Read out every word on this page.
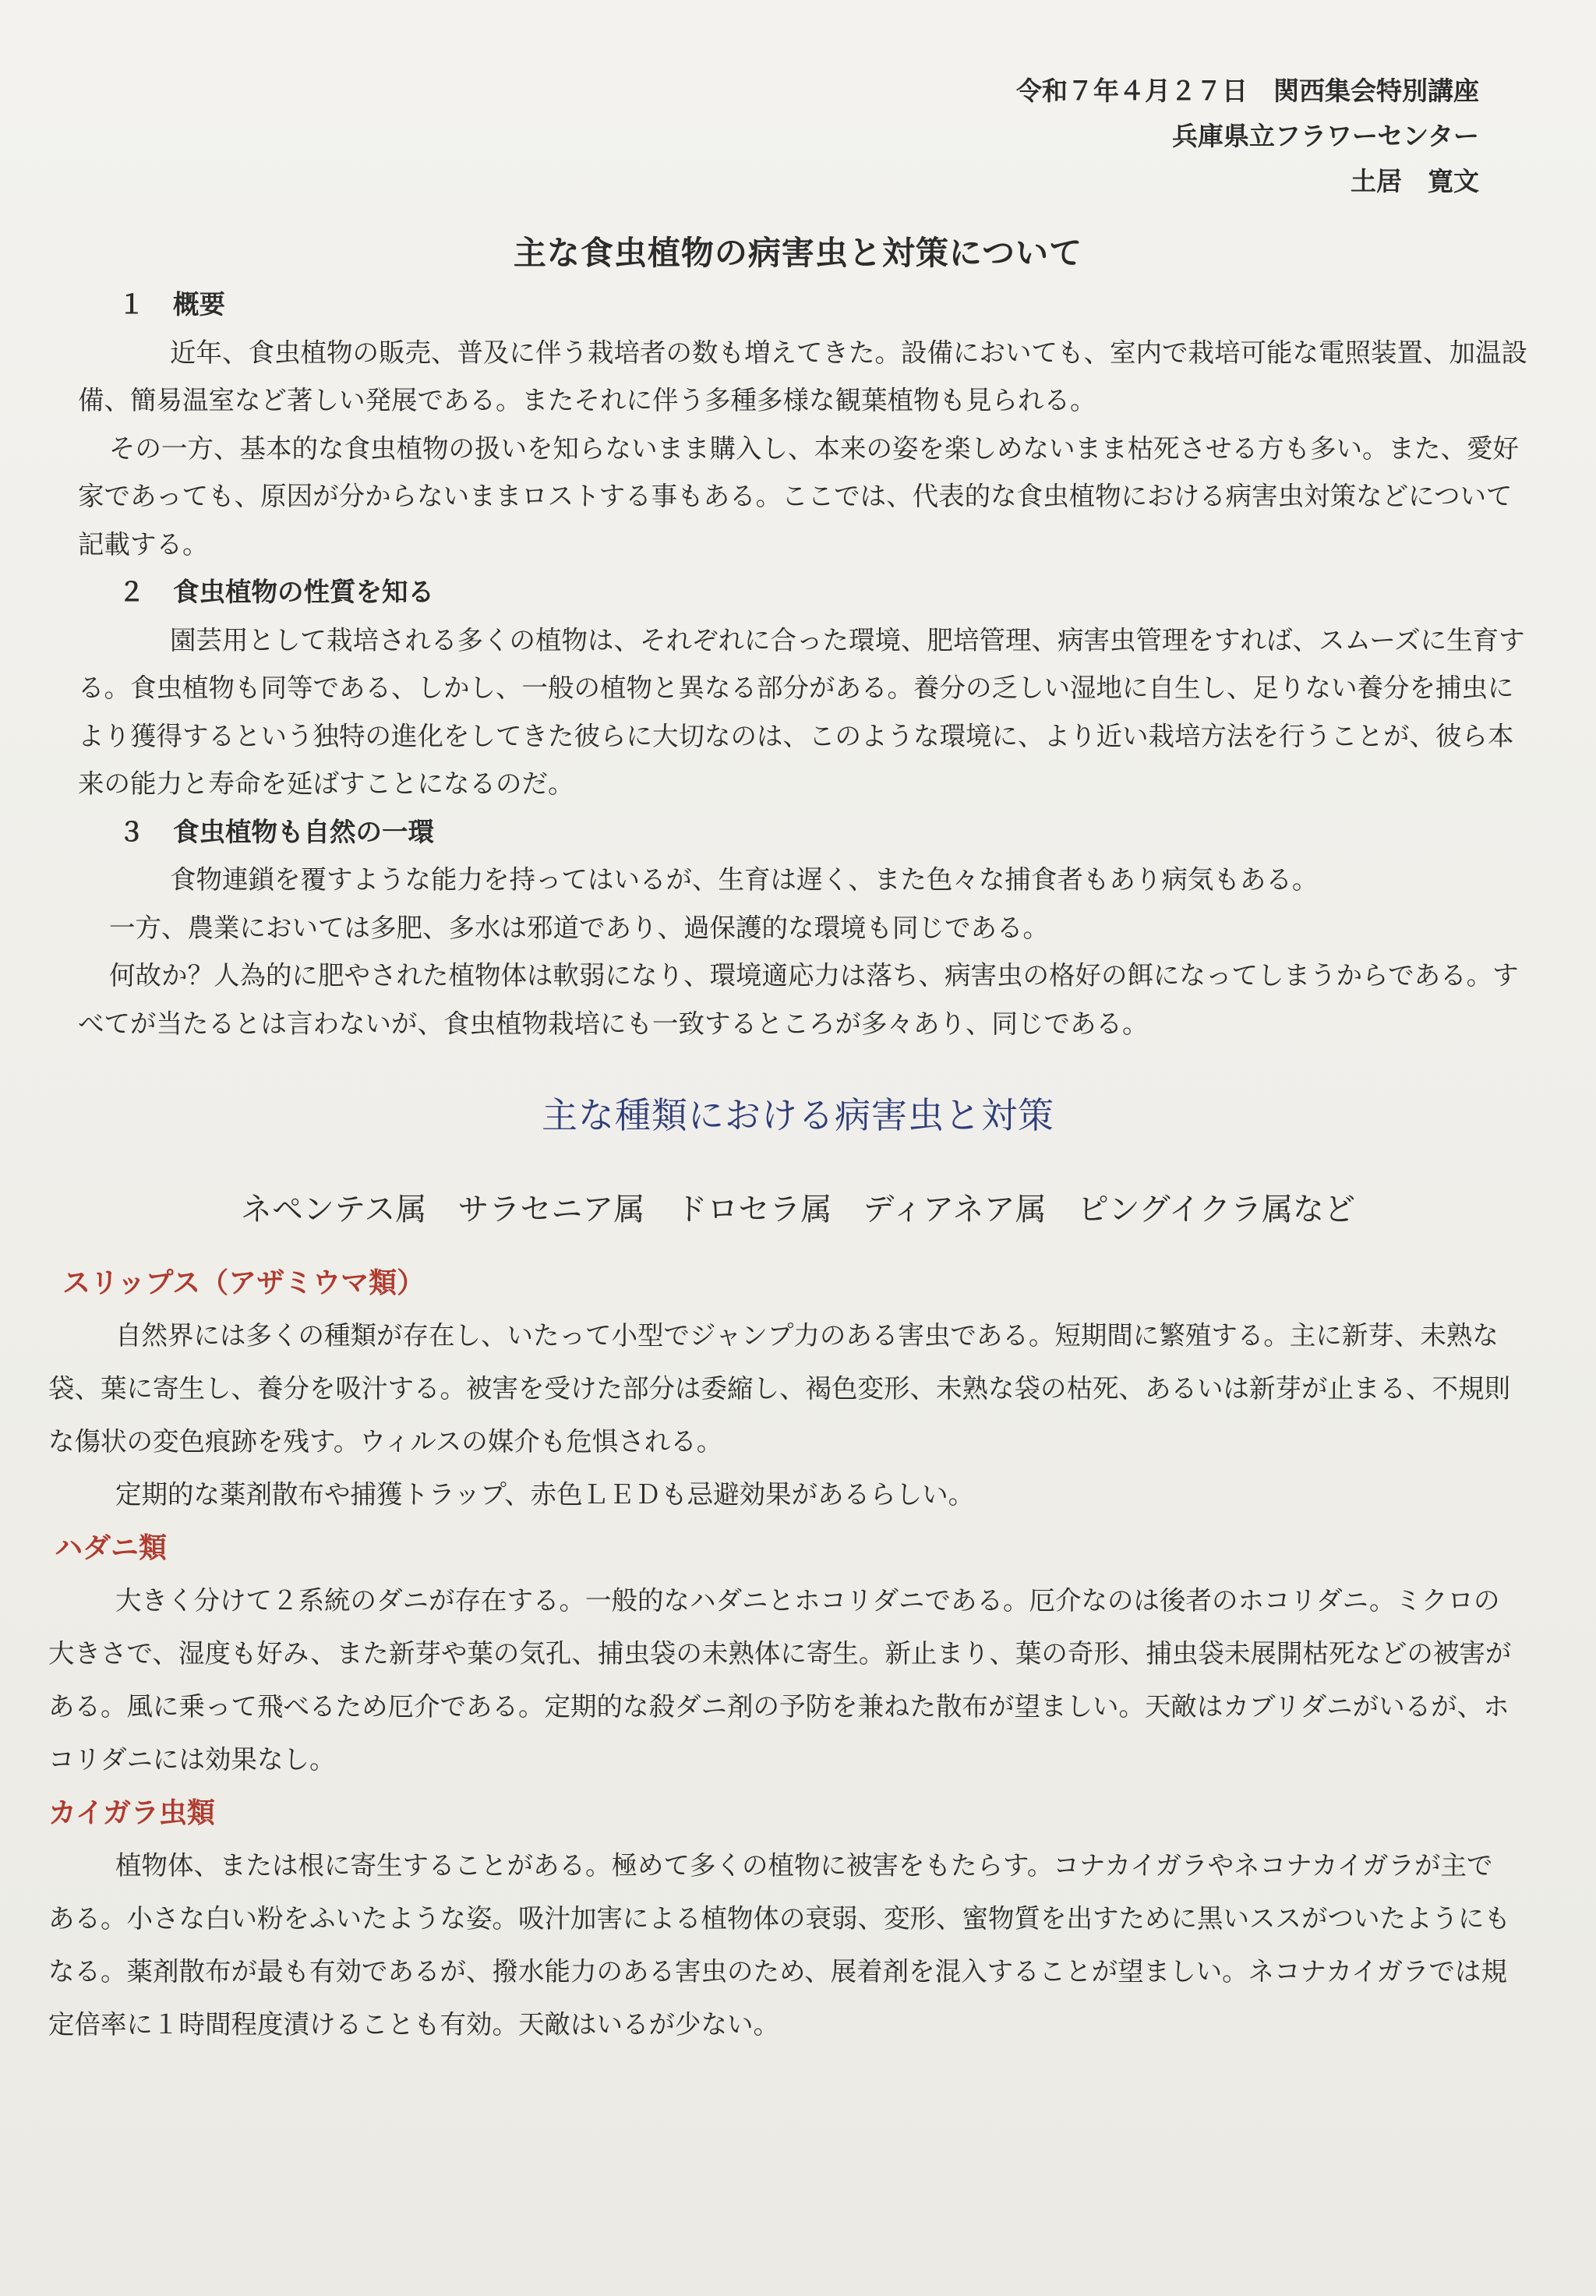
令和７年４月２７日　関西集会特別講座
兵庫県立フラワーセンター
土居　寛文
主な食虫植物の病害虫と対策について
１ 概要

近年、食虫植物の販売、普及に伴う栽培者の数も増えてきた。設備においても、室内で栽培可能な電照装置、加温設備、簡易温室など著しい発展である。またそれに伴う多種多様な観葉植物も見られる。

その一方、基本的な食虫植物の扱いを知らないまま購入し、本来の姿を楽しめないまま枯死させる方も多い。また、愛好家であっても、原因が分からないままロストする事もある。ここでは、代表的な食虫植物における病害虫対策などについて記載する。

２ 食虫植物の性質を知る

園芸用として栽培される多くの植物は、それぞれに合った環境、肥培管理、病害虫管理をすれば、スムーズに生育する。食虫植物も同等である、しかし、一般の植物と異なる部分がある。養分の乏しい湿地に自生し、足りない養分を捕虫により獲得するという独特の進化をしてきた彼らに大切なのは、このような環境に、より近い栽培方法を行うことが、彼ら本来の能力と寿命を延ばすことになるのだ。

３ 食虫植物も自然の一環

食物連鎖を覆すような能力を持ってはいるが、生育は遅く、また色々な捕食者もあり病気もある。

一方、農業においては多肥、多水は邪道であり、過保護的な環境も同じである。

何故か？人為的に肥やされた植物体は軟弱になり、環境適応力は落ち、病害虫の格好の餌になってしまうからである。すべてが当たるとは言わないが、食虫植物栽培にも一致するところが多々あり、同じである。

主な種類における病害虫と対策
ネペンテス属　 サラセニア属　 ドロセラ属　 ディアネア属　 ピングイクラ属など
スリップス（アザミウマ類）

自然界には多くの種類が存在し、いたって小型でジャンプ力のある害虫である。短期間に繁殖する。主に新芽、未熟な袋、葉に寄生し、養分を吸汁する。被害を受けた部分は委縮し、褐色変形、未熟な袋の枯死、あるいは新芽が止まる、不規則な傷状の変色痕跡を残す。ウィルスの媒介も危惧される。

定期的な薬剤散布や捕獲トラップ、赤色ＬＥＤも忌避効果があるらしい。

ハダニ類

大きく分けて２系統のダニが存在する。一般的なハダニとホコリダニである。厄介なのは後者のホコリダニ。ミクロの大きさで、湿度も好み、また新芽や葉の気孔、捕虫袋の未熟体に寄生。新止まり、葉の奇形、捕虫袋未展開枯死などの被害がある。風に乗って飛べるため厄介である。定期的な殺ダニ剤の予防を兼ねた散布が望ましい。天敵はカブリダニがいるが、ホコリダニには効果なし。

カイガラ虫類

植物体、または根に寄生することがある。極めて多くの植物に被害をもたらす。コナカイガラやネコナカイガラが主である。小さな白い粉をふいたような姿。吸汁加害による植物体の衰弱、変形、蜜物質を出すために黒いススがついたようにもなる。薬剤散布が最も有効であるが、撥水能力のある害虫のため、展着剤を混入することが望ましい。ネコナカイガラでは規定倍率に１時間程度漬けることも有効。天敵はいるが少ない。
